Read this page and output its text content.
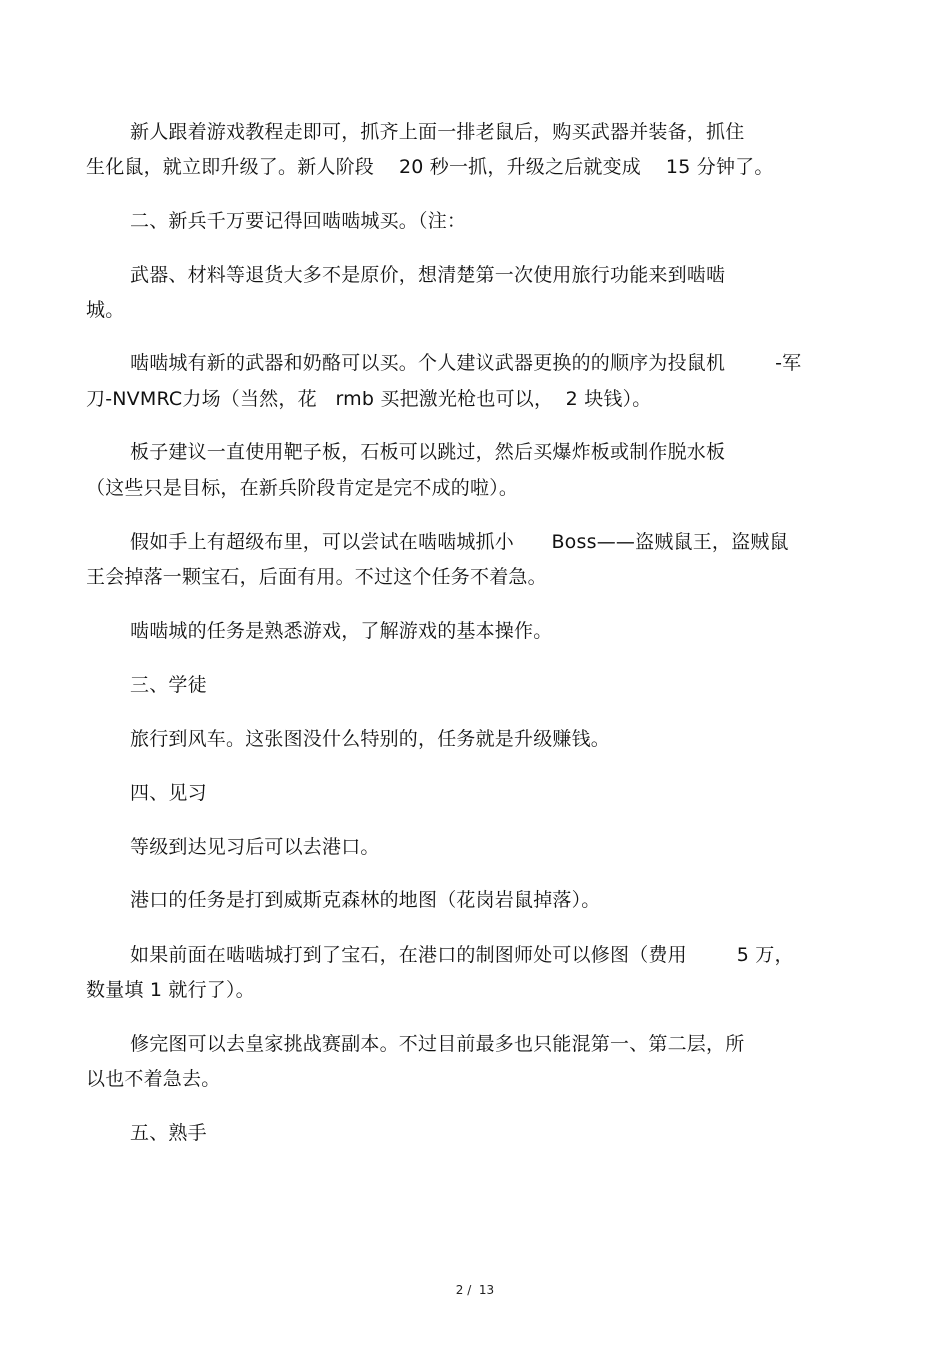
新人跟着游戏教程走即可，抓齐上面一排老鼠后，购买武器并装备，抓住
生化鼠，就立即升级了。新人阶段    20 秒一抓，升级之后就变成    15 分钟了。
二、新兵千万要记得回啮啮城买。（注：
武器、材料等退货大多不是原价，想清楚第一次使用旅行功能来到啮啮
城。
啮啮城有新的武器和奶酪可以买。个人建议武器更换的的顺序为投鼠机        -军
刀-NVMRC力场（当然，花   rmb 买把激光枪也可以，  2 块钱）。
板子建议一直使用靶子板，石板可以跳过，然后买爆炸板或制作脱水板
（这些只是目标，在新兵阶段肯定是完不成的啦）。
假如手上有超级布里，可以尝试在啮啮城抓小      Boss——盗贼鼠王，盗贼鼠
王会掉落一颗宝石，后面有用。不过这个任务不着急。
啮啮城的任务是熟悉游戏，了解游戏的基本操作。
三、学徒
旅行到风车。这张图没什么特别的，任务就是升级赚钱。
四、见习
等级到达见习后可以去港口。
港口的任务是打到威斯克森林的地图（花岗岩鼠掉落）。
如果前面在啮啮城打到了宝石，在港口的制图师处可以修图（费用        5 万，
数量填 1 就行了）。
修完图可以去皇家挑战赛副本。不过目前最多也只能混第一、第二层，所
以也不着急去。
五、熟手
2 /  13
